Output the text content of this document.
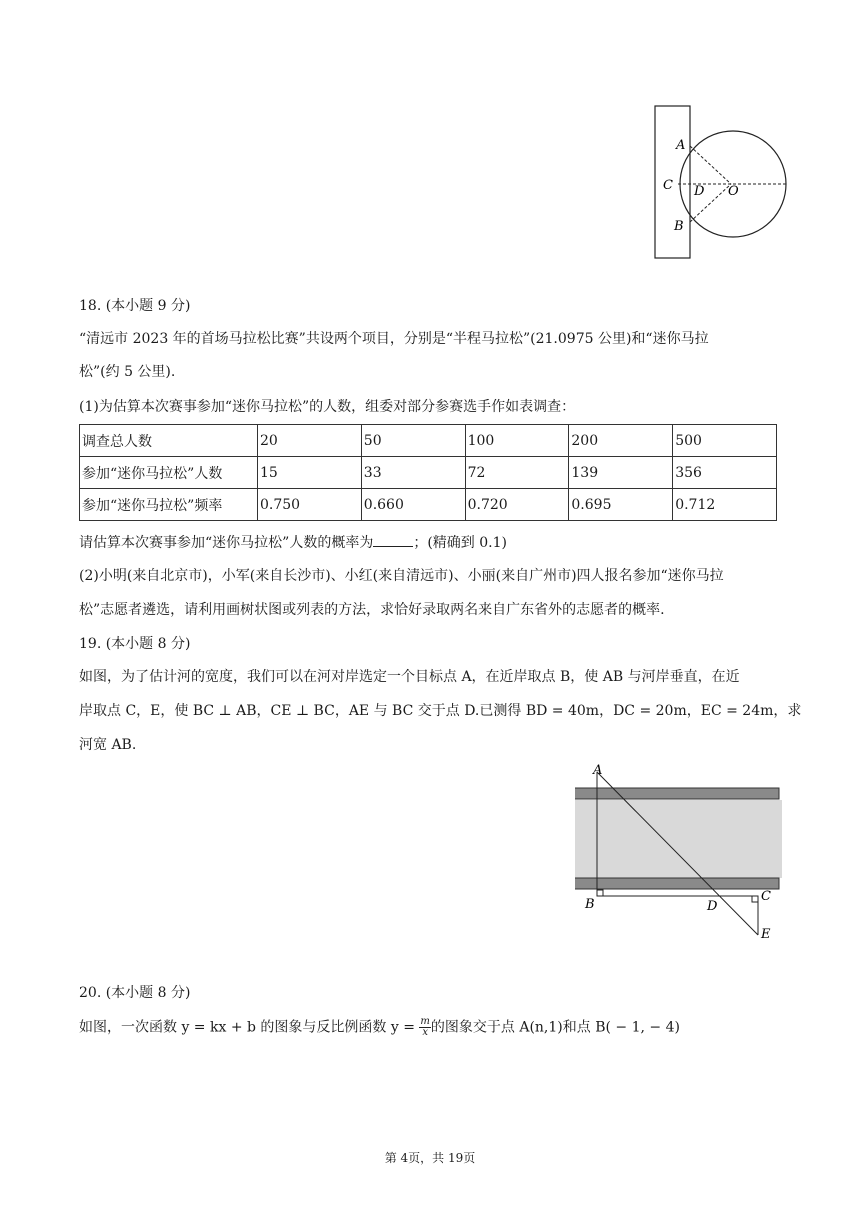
A
C D O
B
18. (本小题 9 分)
“清远市 2023 年的首场马拉松比赛”共设两个项目，分别是“半程马拉松”(21.0975 公里)和“迷你马拉
松”(约 5 公里).
(1)为估算本次赛事参加“迷你马拉松”的人数，组委对部分参赛选手作如表调查：
调查总人数	20	50	100	200	500
参加“迷你马拉松”人数	15	33	72	139	356
参加“迷你马拉松”频率	0.750	0.660	0.720	0.695	0.712
请估算本次赛事参加“迷你马拉松”人数的概率为	；(精确到 0.1)
(2)小明(来自北京市)，小军(来自长沙市)、小红(来自清远市)、小丽(来自广州市)四人报名参加“迷你马拉
松”志愿者遴选，请利用画树状图或列表的方法，求恰好录取两名来自广东省外的志愿者的概率.
19. (本小题 8 分)
如图，为了估计河的宽度，我们可以在河对岸选定一个目标点 A，在近岸取点 B，使 AB 与河岸垂直，在近
岸取点 C，E，使 BC ⊥ AB，CE ⊥ BC，AE 与 BC 交于点 D.已测得 BD = 40m，DC = 20m，EC = 24m，求
河宽 AB.
A
B	D
C
E
20. (本小题 8 分)
如图，一次函数 y = kx + b 的图象与反比例函数 $y = \frac{m}{x}$ 的图象交于点 A(n,1)和点 B( − 1, − 4)
第 4页，共 19页
